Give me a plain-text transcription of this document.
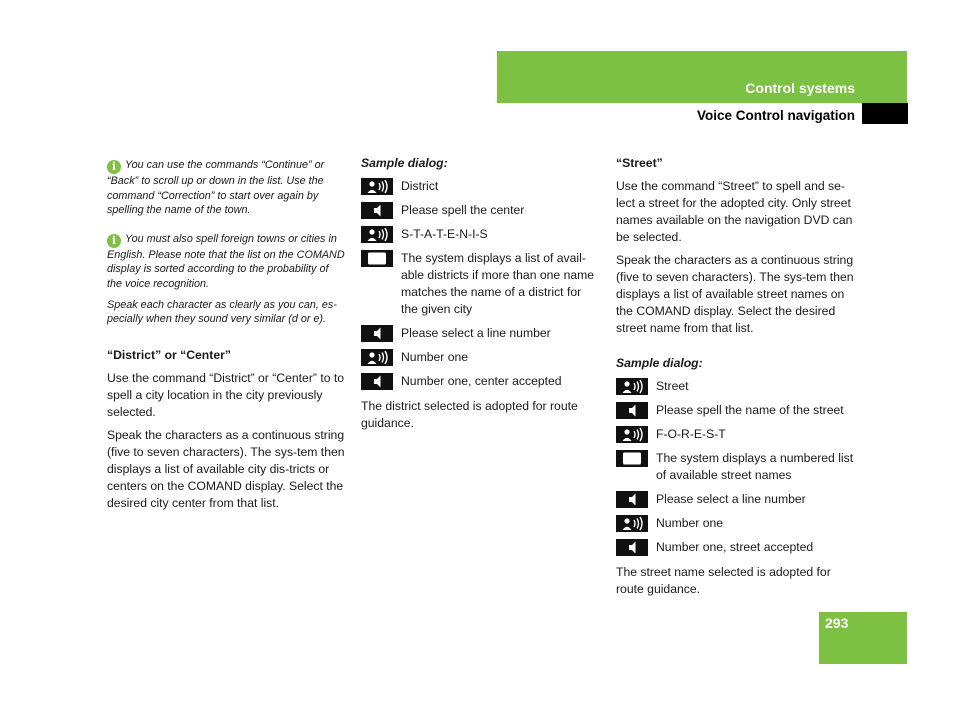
Control systems
Voice Control navigation

i You can use the commands “Continue” or “Back” to scroll up or down in the list. Use the command “Correction” to start over again by spelling the name of the town.

i You must also spell foreign towns or cities in English. Please note that the list on the COMAND display is sorted according to the probability of the voice recognition.

Speak each character as clearly as you can, es-pecially when they sound very similar (d or e).

“District” or “Center”

Use the command “District” or “Center” to to spell a city location in the city previously selected.

Speak the characters as a continuous string (five to seven characters). The sys-tem then displays a list of available city dis-tricts or centers on the COMAND display. Select the desired city center from that list.

Sample dialog:

District
Please spell the center
S-T-A-T-E-N-I-S
The system displays a list of avail-able districts if more than one name matches the name of a district for the given city
Please select a line number
Number one
Number one, center accepted

The district selected is adopted for route guidance.

“Street”

Use the command “Street” to spell and se-lect a street for the adopted city. Only street names available on the navigation DVD can be selected.

Speak the characters as a continuous string (five to seven characters). The sys-tem then displays a list of available street names on the COMAND display. Select the desired street name from that list.

Sample dialog:

Street
Please spell the name of the street
F-O-R-E-S-T
The system displays a numbered list of available street names
Please select a line number
Number one
Number one, street accepted

The street name selected is adopted for route guidance.

293
